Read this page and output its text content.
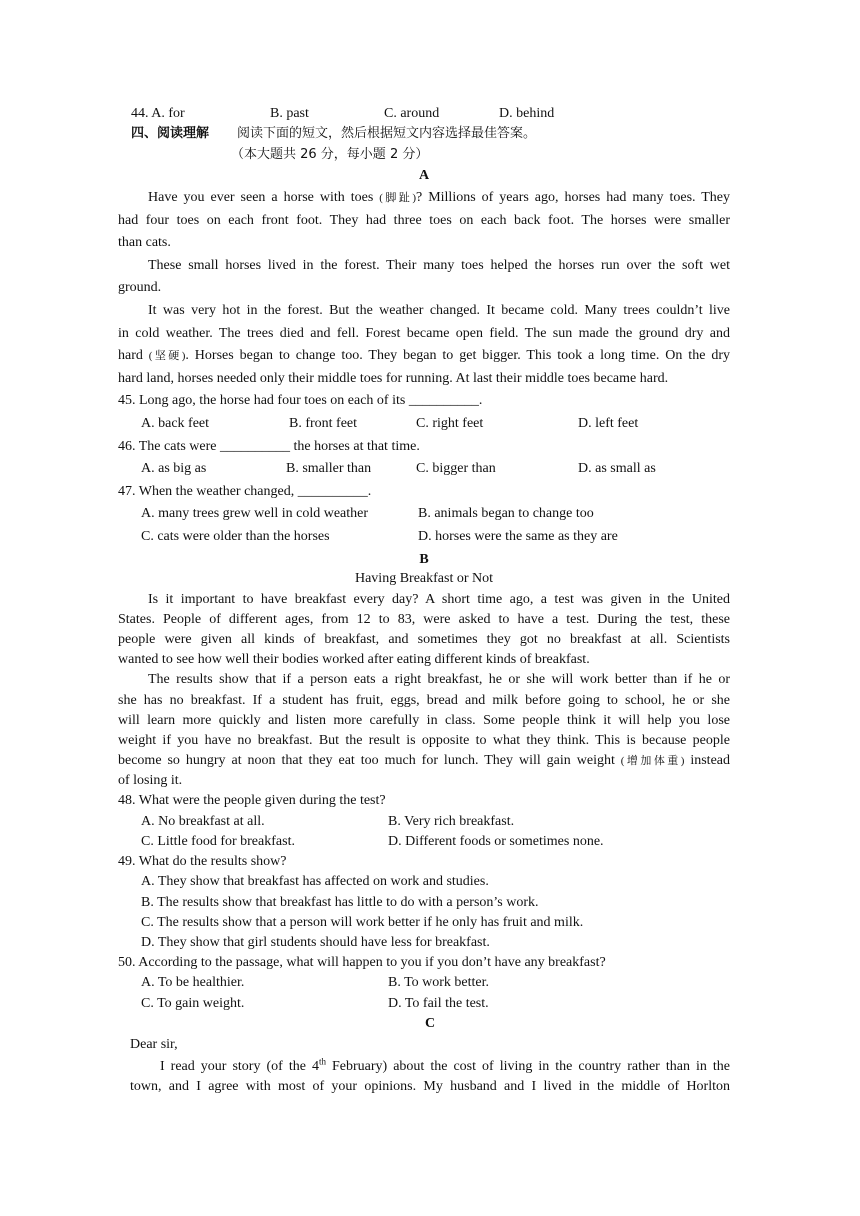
44. A. for	B. past	C. around	D. behind
四、阅读理解 阅读下面的短文，然后根据短文内容选择最佳答案。
（本大题共 26 分，每小题 2 分）
A
Have you ever seen a horse with toes (脚趾)? Millions of years ago, horses had many toes. They
had four toes on each front foot. They had three toes on each back foot. The horses were smaller
than cats.
These small horses lived in the forest. Their many toes helped the horses run over the soft wet
ground.
It was very hot in the forest. But the weather changed. It became cold. Many trees couldn’t live
in cold weather. The trees died and fell. Forest became open field. The sun made the ground dry and
hard (坚硬). Horses began to change too. They began to get bigger. This took a long time. On the dry
hard land, horses needed only their middle toes for running. At last their middle toes became hard.
45. Long ago, the horse had four toes on each of its __________.
A. back feet	B. front feet	C. right feet	D. left feet
46. The cats were __________ the horses at that time.
A. as big as	B. smaller than	C. bigger than	D. as small as
47. When the weather changed, __________.
A. many trees grew well in cold weather	B. animals began to change too
C. cats were older than the horses	D. horses were the same as they are
B
Having Breakfast or Not
Is it important to have breakfast every day? A short time ago, a test was given in the United
States. People of different ages, from 12 to 83, were asked to have a test. During the test, these
people were given all kinds of breakfast, and sometimes they got no breakfast at all. Scientists
wanted to see how well their bodies worked after eating different kinds of breakfast.
The results show that if a person eats a right breakfast, he or she will work better than if he or
she has no breakfast. If a student has fruit, eggs, bread and milk before going to school, he or she
will learn more quickly and listen more carefully in class. Some people think it will help you lose
weight if you have no breakfast. But the result is opposite to what they think. This is because people
become so hungry at noon that they eat too much for lunch. They will gain weight (增加体重) instead
of losing it.
48. What were the people given during the test?
A. No breakfast at all.	B. Very rich breakfast.
C. Little food for breakfast.	D. Different foods or sometimes none.
49. What do the results show?
A. They show that breakfast has affected on work and studies.
B. The results show that breakfast has little to do with a person’s work.
C. The results show that a person will work better if he only has fruit and milk.
D. They show that girl students should have less for breakfast.
50. According to the passage, what will happen to you if you don’t have any breakfast?
A. To be healthier.	B. To work better.
C. To gain weight.	D. To fail the test.
C
Dear sir,
I read your story (of the 4th February) about the cost of living in the country rather than in the
town, and I agree with most of your opinions. My husband and I lived in the middle of Horlton
